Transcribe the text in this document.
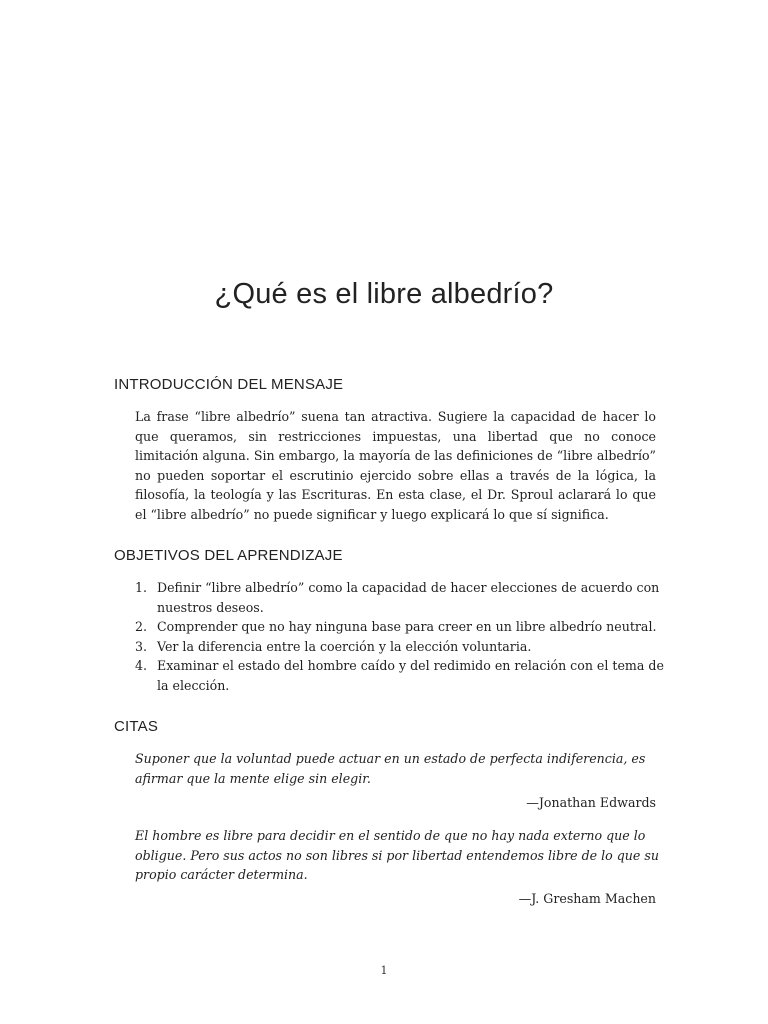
¿Qué es el libre albedrío?
INTRODUCCIÓN DEL MENSAJE

La frase “libre albedrío” suena tan atractiva. Sugiere la capacidad de hacer lo que queramos, sin restricciones impuestas, una libertad que no conoce limitación alguna. Sin embargo, la mayoría de las definiciones de “libre albedrío” no pueden soportar el escrutinio ejercido sobre ellas a través de la lógica, la filosofía, la teología y las Escrituras. En esta clase, el Dr. Sproul aclarará lo que el “libre albedrío” no puede significar y luego explicará lo que sí significa.

OBJETIVOS DEL APRENDIZAJE
1. Definir “libre albedrío” como la capacidad de hacer elecciones de acuerdo con nuestros deseos.
2. Comprender que no hay ninguna base para creer en un libre albedrío neutral.
3. Ver la diferencia entre la coerción y la elección voluntaria.
4. Examinar el estado del hombre caído y del redimido en relación con el tema de la elección.
CITAS

Suponer que la voluntad puede actuar en un estado de perfecta indiferencia, es afirmar que la mente elige sin elegir.

—Jonathan Edwards

El hombre es libre para decidir en el sentido de que no hay nada externo que lo obligue. Pero sus actos no son libres si por libertad entendemos libre de lo que su propio carácter determina.

—J. Gresham Machen

1
